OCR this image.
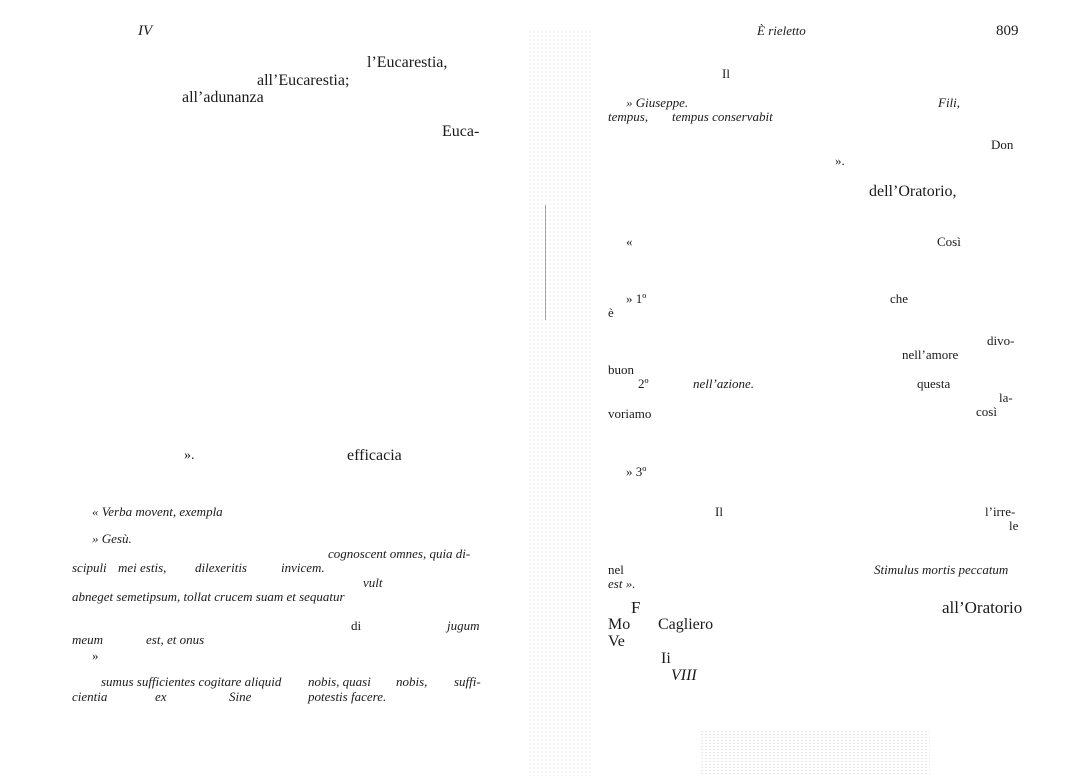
IV
l’Eucarestia,
all’Eucarestia;
all’adunanza
Euca-
».	efficacia
« Verba movent, exempla
» Gesù.
cognoscent omnes, quia di-
scipuli mei estis, dilexeritis	invicem.
vult
abneget semetipsum, tollat crucem suam et sequatur
di	jugum
meum	est, et onus
»
sumus sufficientes cogitare aliquid nobis, quasi nobis, suffi-
cientia	ex	Sine	potestis facere.
È rieletto	809
Il
» Giuseppe.	Fili,
tempus, tempus conservabit
Don
».
dell’Oratorio,
«	Così
» 1º	che
è
divo-
nell’amore
buon
2º	nell’azione.	questa
la-
voriamo	così
» 3º
Il	l’irre-
le
nel	Stimulus mortis peccatum
est ».
F	all’Oratorio
Mo Cagliero
Ve
Ii
VIII
